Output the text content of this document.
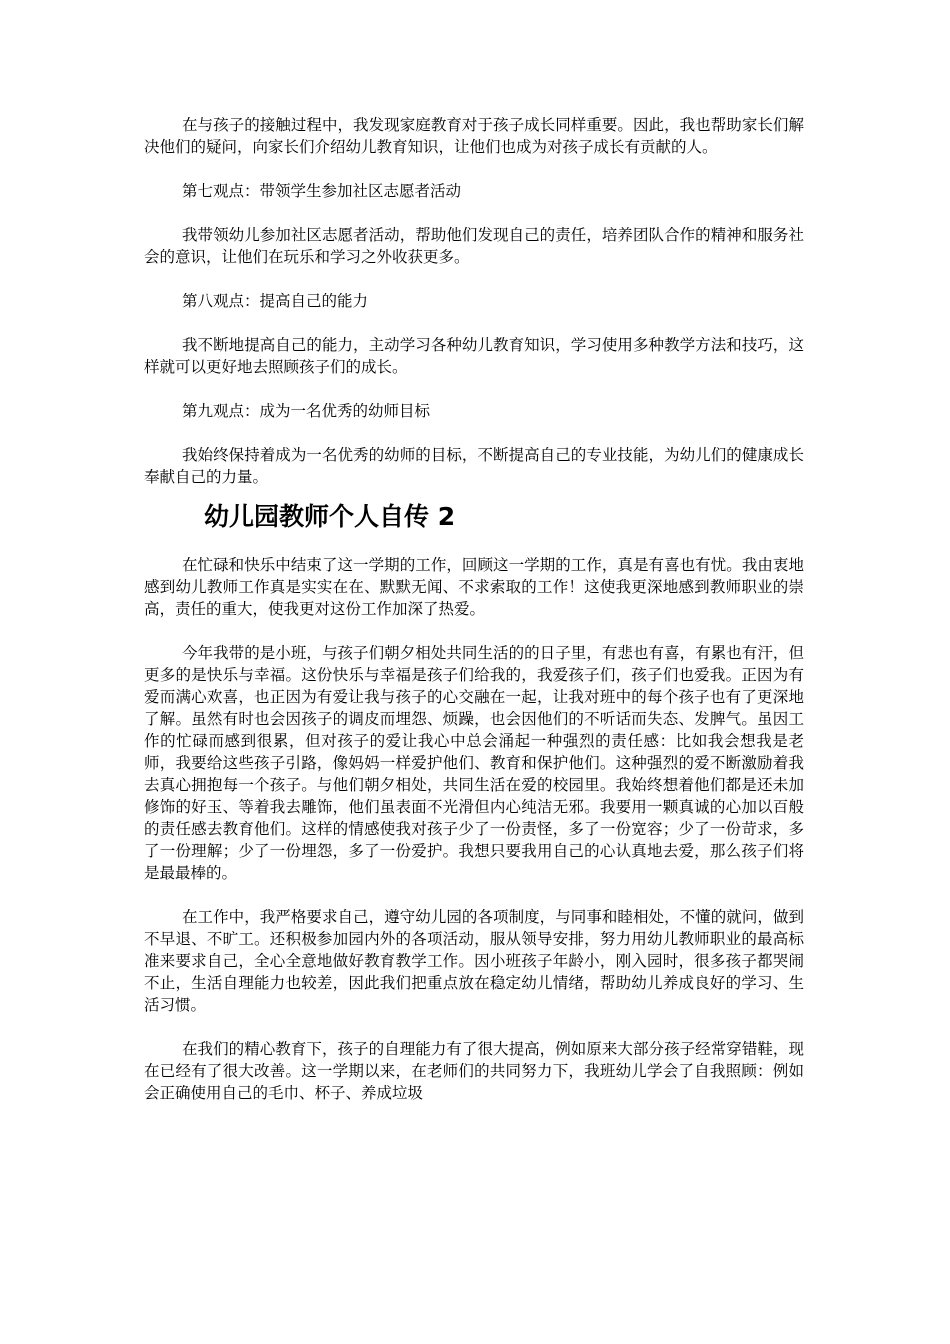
在与孩子的接触过程中，我发现家庭教育对于孩子成长同样重要。因此，我也帮助家长们解决他们的疑问，向家长们介绍幼儿教育知识，让他们也成为对孩子成长有贡献的人。

第七观点：带领学生参加社区志愿者活动

我带领幼儿参加社区志愿者活动，帮助他们发现自己的责任，培养团队合作的精神和服务社会的意识，让他们在玩乐和学习之外收获更多。

第八观点：提高自己的能力

我不断地提高自己的能力，主动学习各种幼儿教育知识，学习使用多种教学方法和技巧，这样就可以更好地去照顾孩子们的成长。

第九观点：成为一名优秀的幼师目标

我始终保持着成为一名优秀的幼师的目标，不断提高自己的专业技能，为幼儿们的健康成长奉献自己的力量。

幼儿园教师个人自传 2

在忙碌和快乐中结束了这一学期的工作，回顾这一学期的工作，真是有喜也有忧。我由衷地感到幼儿教师工作真是实实在在、默默无闻、不求索取的工作！这使我更深地感到教师职业的崇高，责任的重大，使我更对这份工作加深了热爱。

今年我带的是小班，与孩子们朝夕相处共同生活的的日子里，有悲也有喜，有累也有汗，但更多的是快乐与幸福。这份快乐与幸福是孩子们给我的，我爱孩子们，孩子们也爱我。正因为有爱而满心欢喜，也正因为有爱让我与孩子的心交融在一起，让我对班中的每个孩子也有了更深地了解。虽然有时也会因孩子的调皮而埋怨、烦躁，也会因他们的不听话而失态、发脾气。虽因工作的忙碌而感到很累，但对孩子的爱让我心中总会涌起一种强烈的责任感：比如我会想我是老师，我要给这些孩子引路，像妈妈一样爱护他们、教育和保护他们。这种强烈的爱不断激励着我去真心拥抱每一个孩子。与他们朝夕相处，共同生活在爱的校园里。我始终想着他们都是还未加修饰的好玉、等着我去雕饰，他们虽表面不光滑但内心纯洁无邪。我要用一颗真诚的心加以百般的责任感去教育他们。这样的情感使我对孩子少了一份责怪，多了一份宽容；少了一份苛求，多了一份理解；少了一份埋怨，多了一份爱护。我想只要我用自己的心认真地去爱，那么孩子们将是最最棒的。

在工作中，我严格要求自己，遵守幼儿园的各项制度，与同事和睦相处，不懂的就问，做到不早退、不旷工。还积极参加园内外的各项活动，服从领导安排，努力用幼儿教师职业的最高标准来要求自己，全心全意地做好教育教学工作。因小班孩子年龄小，刚入园时，很多孩子都哭闹不止，生活自理能力也较差，因此我们把重点放在稳定幼儿情绪，帮助幼儿养成良好的学习、生活习惯。

在我们的精心教育下，孩子的自理能力有了很大提高，例如原来大部分孩子经常穿错鞋，现在已经有了很大改善。这一学期以来，在老师们的共同努力下，我班幼儿学会了自我照顾：例如会正确使用自己的毛巾、杯子、养成垃圾
